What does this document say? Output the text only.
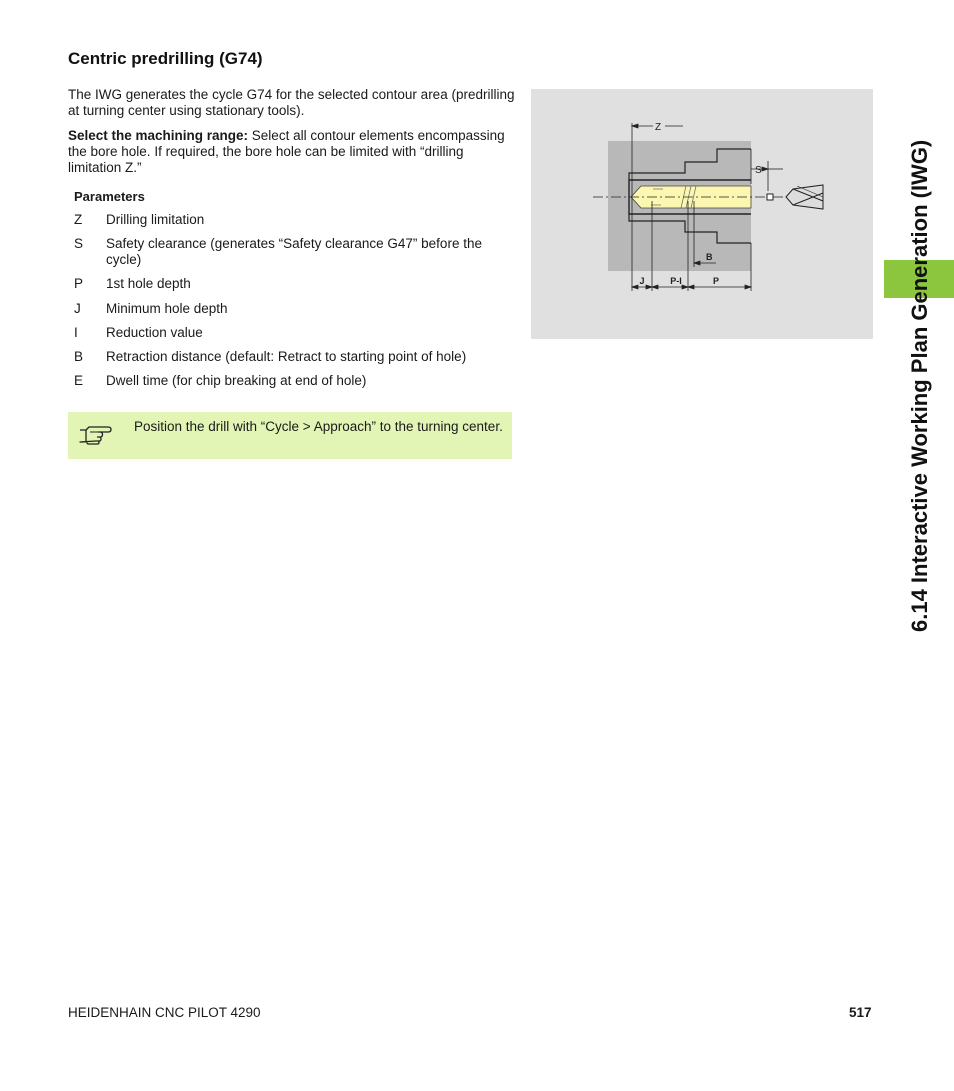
Centric predrilling (G74)

The IWG generates the cycle G74 for the selected contour area (predrilling at turning center using stationary tools).

Select the machining range: Select all contour elements encompassing the bore hole. If required, the bore hole can be limited with “drilling limitation Z.”

Parameters
Z Drilling limitation
S Safety clearance (generates “Safety clearance G47” before the cycle)
P 1st hole depth
J Minimum hole depth
I Reduction value
B Retraction distance (default: Retract to starting point of hole)
E Dwell time (for chip breaking at end of hole)
Position the drill with “Cycle > Approach” to the turning center.
Z
S
B
J	P-I	P	6.14 Interactive Working Plan Generation (IWG)
HEIDENHAIN CNC PILOT 4290	517
